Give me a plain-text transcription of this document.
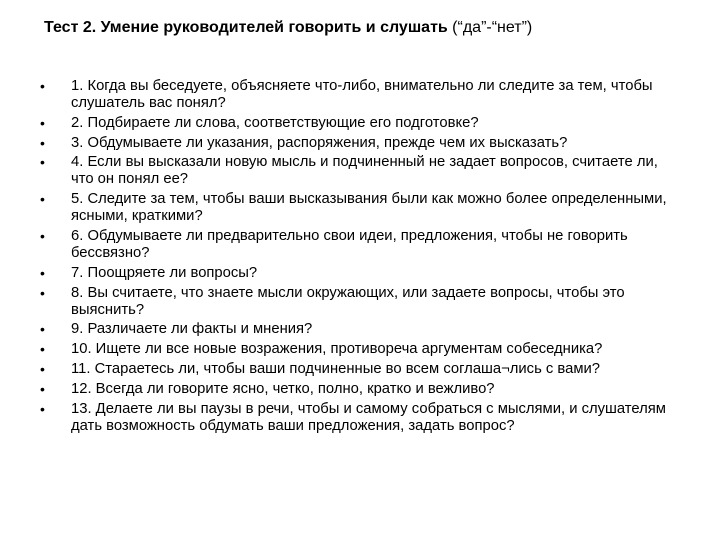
Тест 2. Умение руководителей говорить и слушать (“да”-“нет”)
•	1. Когда вы беседуете, объясняете что-либо, внимательно ли следите за тем, чтобы слушатель вас понял?
•	2. Подбираете ли слова, соответствующие его подготовке?
•	3. Обдумываете ли указания, распоряжения, прежде чем их высказать?
•	4. Если вы высказали новую мысль и подчиненный не задает вопросов, считаете ли, что он понял ее?
•	5. Следите за тем, чтобы ваши высказывания были как можно более определенными, ясными, краткими?
•	6. Обдумываете ли предварительно свои идеи, предложения, чтобы не говорить бессвязно?
•	7. Поощряете ли вопросы?
•	8. Вы считаете, что знаете мысли окружающих, или задаете вопросы, чтобы это выяснить?
•	9. Различаете ли факты и мнения?
•	10. Ищете ли все новые возражения, противореча аргументам собеседника?
•	11. Стараетесь ли, чтобы ваши подчиненные во всем соглаша¬лись с вами?
•	12. Всегда ли говорите ясно, четко, полно, кратко и вежливо?
•	13. Делаете ли вы паузы в речи, чтобы и самому собраться с мыслями, и слушателям дать возможность обдумать ваши предложения, задать вопрос?
